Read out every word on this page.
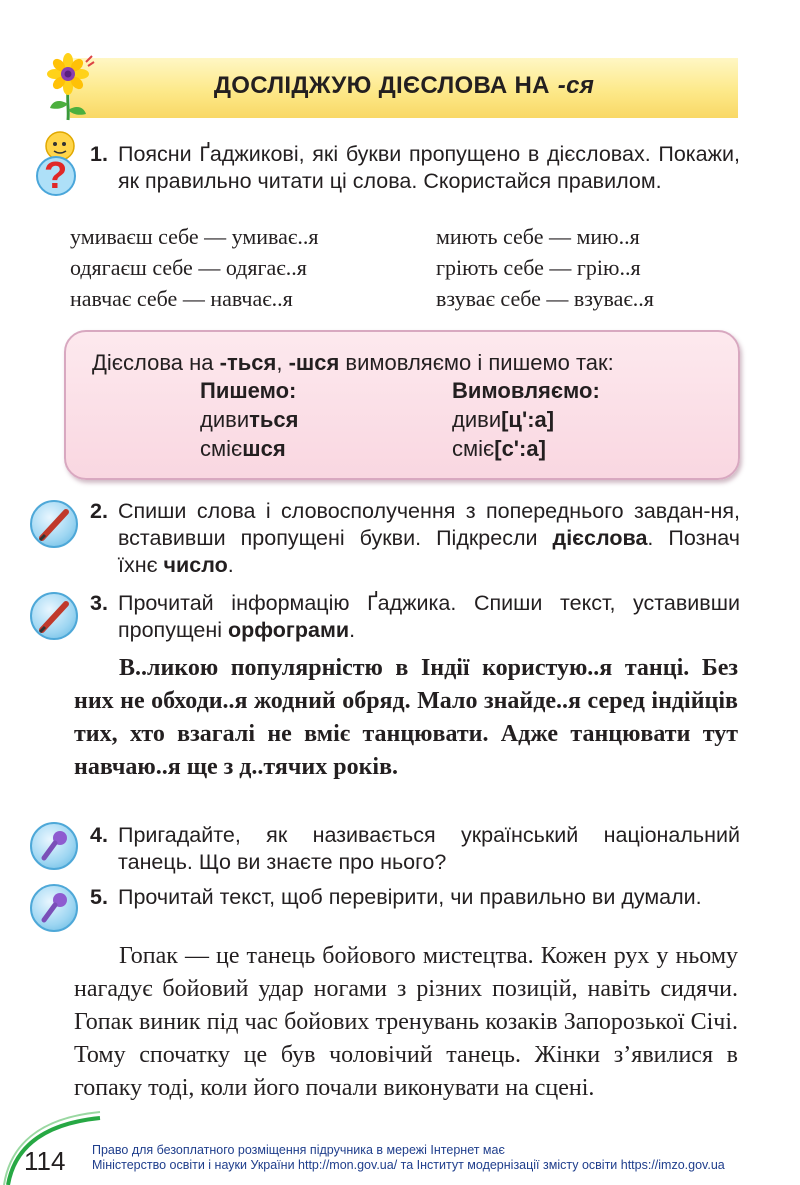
ДОСЛІДЖУЮ ДІЄСЛОВА НА -ся
?
1. Поясни Ґаджикові, які букви пропущено в дієсловах. Покажи, як правильно читати ці слова. Скористайся правилом.
умиваєш себе — умиває..я
одягаєш себе — одягає..я
навчає себе — навчає..я
миють себе — мию..я
гріють себе — грію..я
взуває себе — взуває..я
Дієслова на -ться, -шся вимовляємо і пишемо так:
Пишемо:	Вимовляємо:
дивиться
смієшся
диви[ц':а]
сміє[с':а]
2. Спиши слова і словосполучення з попереднього завдан-ня, вставивши пропущені букви. Підкресли дієслова. Познач їхнє число.
3. Прочитай інформацію Ґаджика. Спиши текст, уставивши пропущені орфограми.
В..ликою популярністю в Індії користую..я танці. Без них не обходи..я жодний обряд. Мало знайде..я серед індійців тих, хто взагалі не вміє танцювати. Адже танцювати тут навчаю..я ще з д..тячих років.
4. Пригадайте, як називається український національний танець. Що ви знаєте про нього?
5. Прочитай текст, щоб перевірити, чи правильно ви думали.
Гопак — це танець бойового мистецтва. Кожен рух у ньому нагадує бойовий удар ногами з різних позицій, навіть сидячи. Гопак виник під час бойових тренувань козаків Запорозької Січі. Тому спочатку це був чоловічий танець. Жінки з’явилися в гопаку тоді, коли його почали виконувати на сцені.
114 Право для безоплатного розміщення підручника в мережі Інтернет має
Міністерство освіти і науки України http://mon.gov.ua/ та Інститут модернізації змісту освіти https://imzo.gov.ua
